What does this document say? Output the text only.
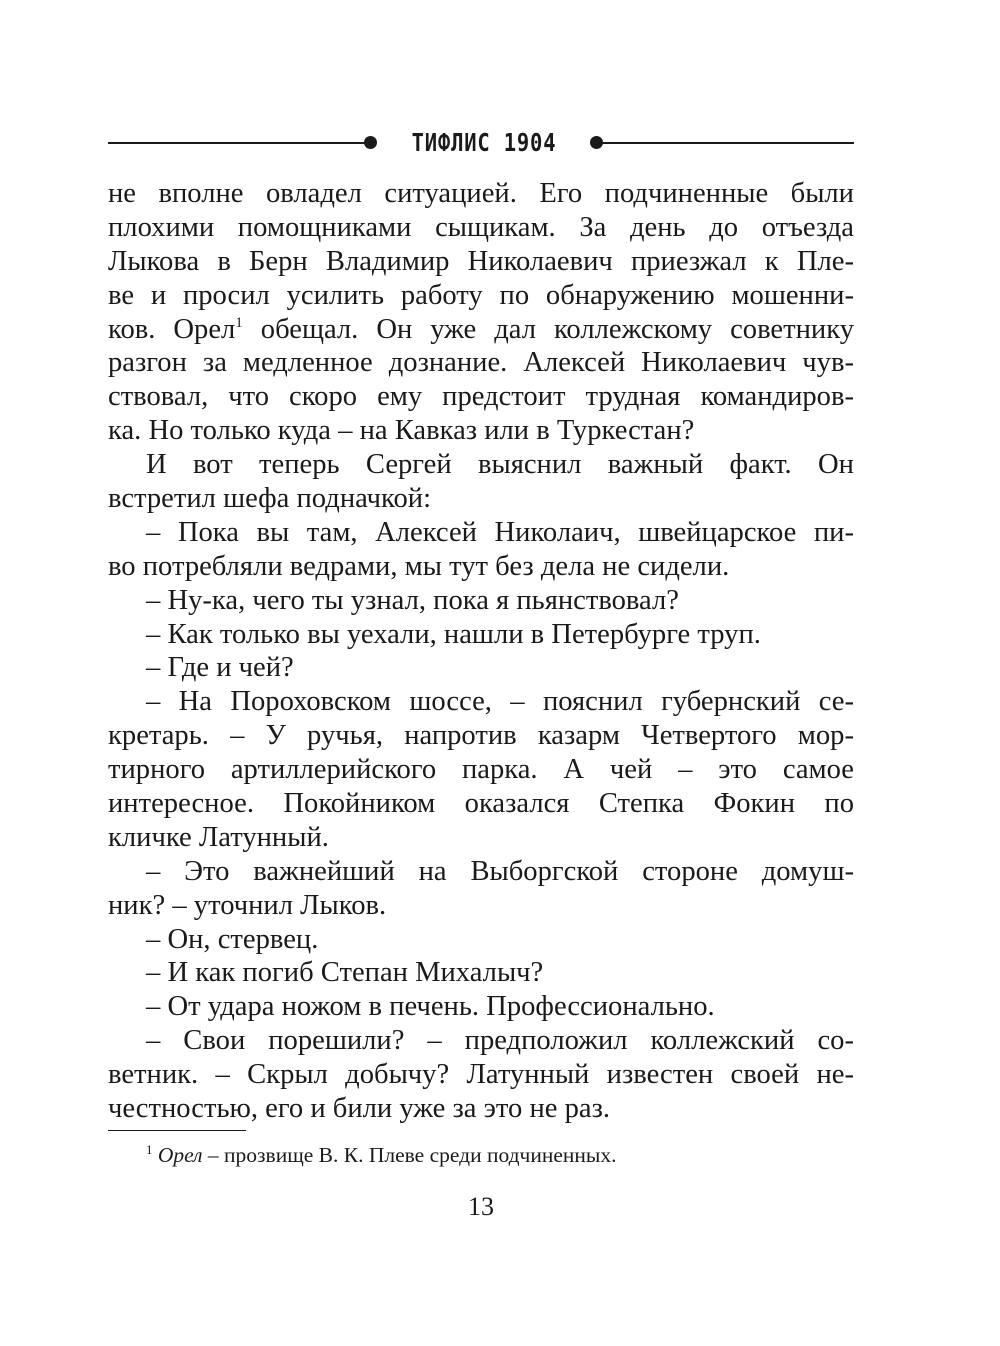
ТИФЛИС 1904
не вполне овладел ситуацией. Его подчиненные были
плохими помощниками сыщикам. За день до отъезда
Лыкова в Берн Владимир Николаевич приезжал к Пле-
ве и просил усилить работу по обнаружению мошенни-
ков. Орел$^1$ обещал. Он уже дал коллежскому советнику
разгон за медленное дознание. Алексей Николаевич чув-
ствовал, что скоро ему предстоит трудная командиров-
ка. Но только куда – на Кавказ или в Туркестан?
И вот теперь Сергей выяснил важный факт. Он
встретил шефа подначкой:
– Пока вы там, Алексей Николаич, швейцарское пи-
во потребляли ведрами, мы тут без дела не сидели.
– Ну-ка, чего ты узнал, пока я пьянствовал?
– Как только вы уехали, нашли в Петербурге труп.
– Где и чей?
– На Пороховском шоссе, – пояснил губернский се-
кретарь. – У ручья, напротив казарм Четвертого мор-
тирного артиллерийского парка. А чей – это самое
интересное. Покойником оказался Степка Фокин по
кличке Латунный.
– Это важнейший на Выборгской стороне домуш-
ник? – уточнил Лыков.
– Он, стервец.
– И как погиб Степан Михалыч?
– От удара ножом в печень. Профессионально.
– Свои порешили? – предположил коллежский со-
ветник. – Скрыл добычу? Латунный известен своей не-
честностью, его и били уже за это не раз.
$^1$ Орел – прозвище В. К. Плеве среди подчиненных.
13
